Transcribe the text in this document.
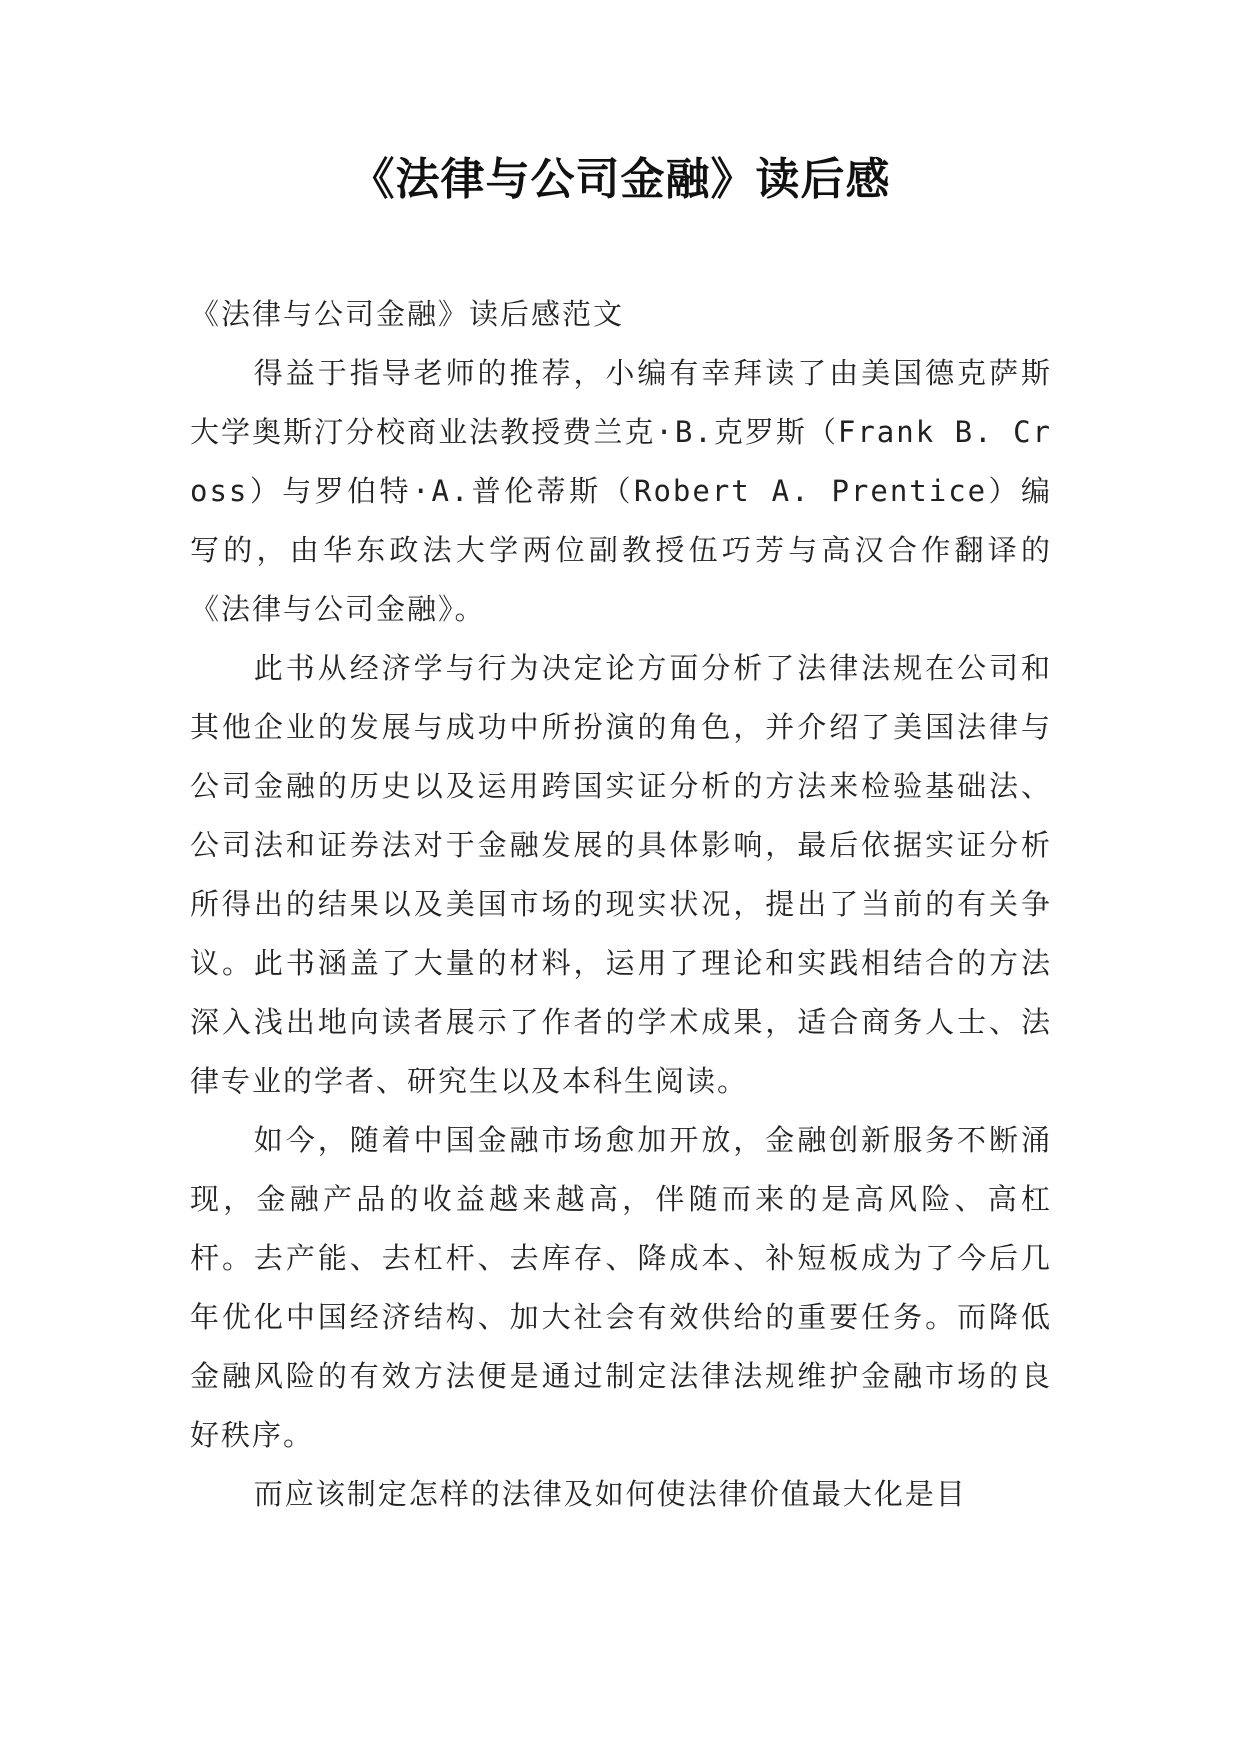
《法律与公司金融》读后感

《法律与公司金融》读后感范文

得益于指导老师的推荐，小编有幸拜读了由美国德克萨斯大学奥斯汀分校商业法教授费兰克·B.克罗斯（Frank B. Cross）与罗伯特·A.普伦蒂斯（Robert A. Prentice）编写的，由华东政法大学两位副教授伍巧芳与高汉合作翻译的《法律与公司金融》。

此书从经济学与行为决定论方面分析了法律法规在公司和其他企业的发展与成功中所扮演的角色，并介绍了美国法律与公司金融的历史以及运用跨国实证分析的方法来检验基础法、公司法和证券法对于金融发展的具体影响，最后依据实证分析所得出的结果以及美国市场的现实状况，提出了当前的有关争议。此书涵盖了大量的材料，运用了理论和实践相结合的方法深入浅出地向读者展示了作者的学术成果，适合商务人士、法律专业的学者、研究生以及本科生阅读。

如今，随着中国金融市场愈加开放，金融创新服务不断涌现，金融产品的收益越来越高，伴随而来的是高风险、高杠杆。去产能、去杠杆、去库存、降成本、补短板成为了今后几年优化中国经济结构、加大社会有效供给的重要任务。而降低金融风险的有效方法便是通过制定法律法规维护金融市场的良好秩序。

而应该制定怎样的法律及如何使法律价值最大化是目
